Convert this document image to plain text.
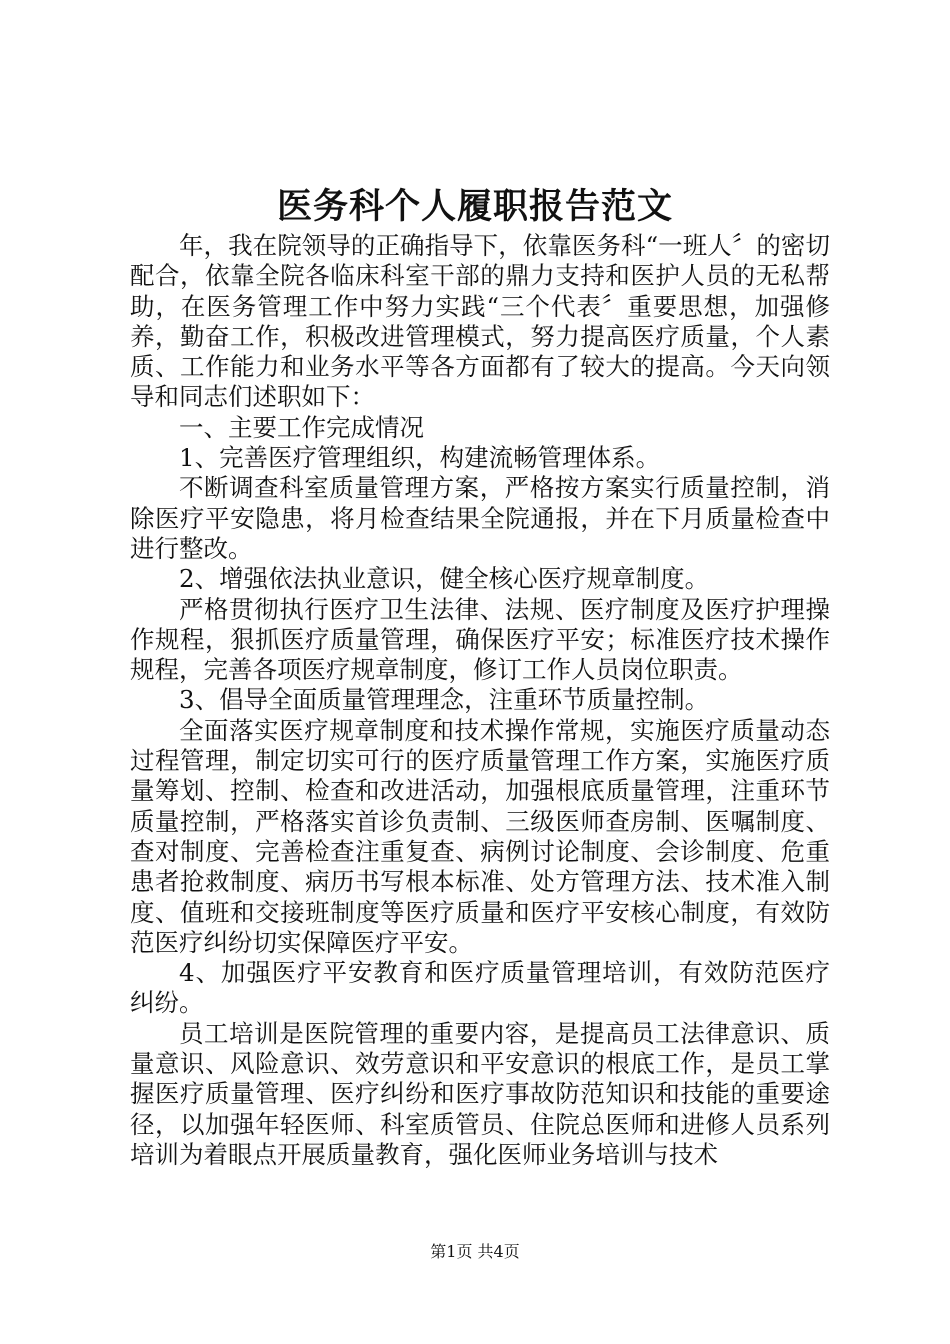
医务科个人履职报告范文

年，我在院领导的正确指导下，依靠医务科“一班人〞的密切配合，依靠全院各临床科室干部的鼎力支持和医护人员的无私帮助，在医务管理工作中努力实践“三个代表〞重要思想，加强修养，勤奋工作，积极改进管理模式，努力提高医疗质量，个人素质、工作能力和业务水平等各方面都有了较大的提高。今天向领导和同志们述职如下：

一、主要工作完成情况

1、完善医疗管理组织，构建流畅管理体系。

不断调查科室质量管理方案，严格按方案实行质量控制，消除医疗平安隐患，将月检查结果全院通报，并在下月质量检查中进行整改。

2、增强依法执业意识，健全核心医疗规章制度。

严格贯彻执行医疗卫生法律、法规、医疗制度及医疗护理操作规程，狠抓医疗质量管理，确保医疗平安；标准医疗技术操作规程，完善各项医疗规章制度，修订工作人员岗位职责。

3、倡导全面质量管理理念，注重环节质量控制。

全面落实医疗规章制度和技术操作常规，实施医疗质量动态过程管理，制定切实可行的医疗质量管理工作方案，实施医疗质量筹划、控制、检查和改进活动，加强根底质量管理，注重环节质量控制，严格落实首诊负责制、三级医师查房制、医嘱制度、查对制度、完善检查注重复查、病例讨论制度、会诊制度、危重患者抢救制度、病历书写根本标准、处方管理方法、技术准入制度、值班和交接班制度等医疗质量和医疗平安核心制度，有效防范医疗纠纷切实保障医疗平安。

4、加强医疗平安教育和医疗质量管理培训，有效防范医疗纠纷。

员工培训是医院管理的重要内容，是提高员工法律意识、质量意识、风险意识、效劳意识和平安意识的根底工作，是员工掌握医疗质量管理、医疗纠纷和医疗事故防范知识和技能的重要途径，以加强年轻医师、科室质管员、住院总医师和进修人员系列培训为着眼点开展质量教育，强化医师业务培训与技术

第1页 共4页
